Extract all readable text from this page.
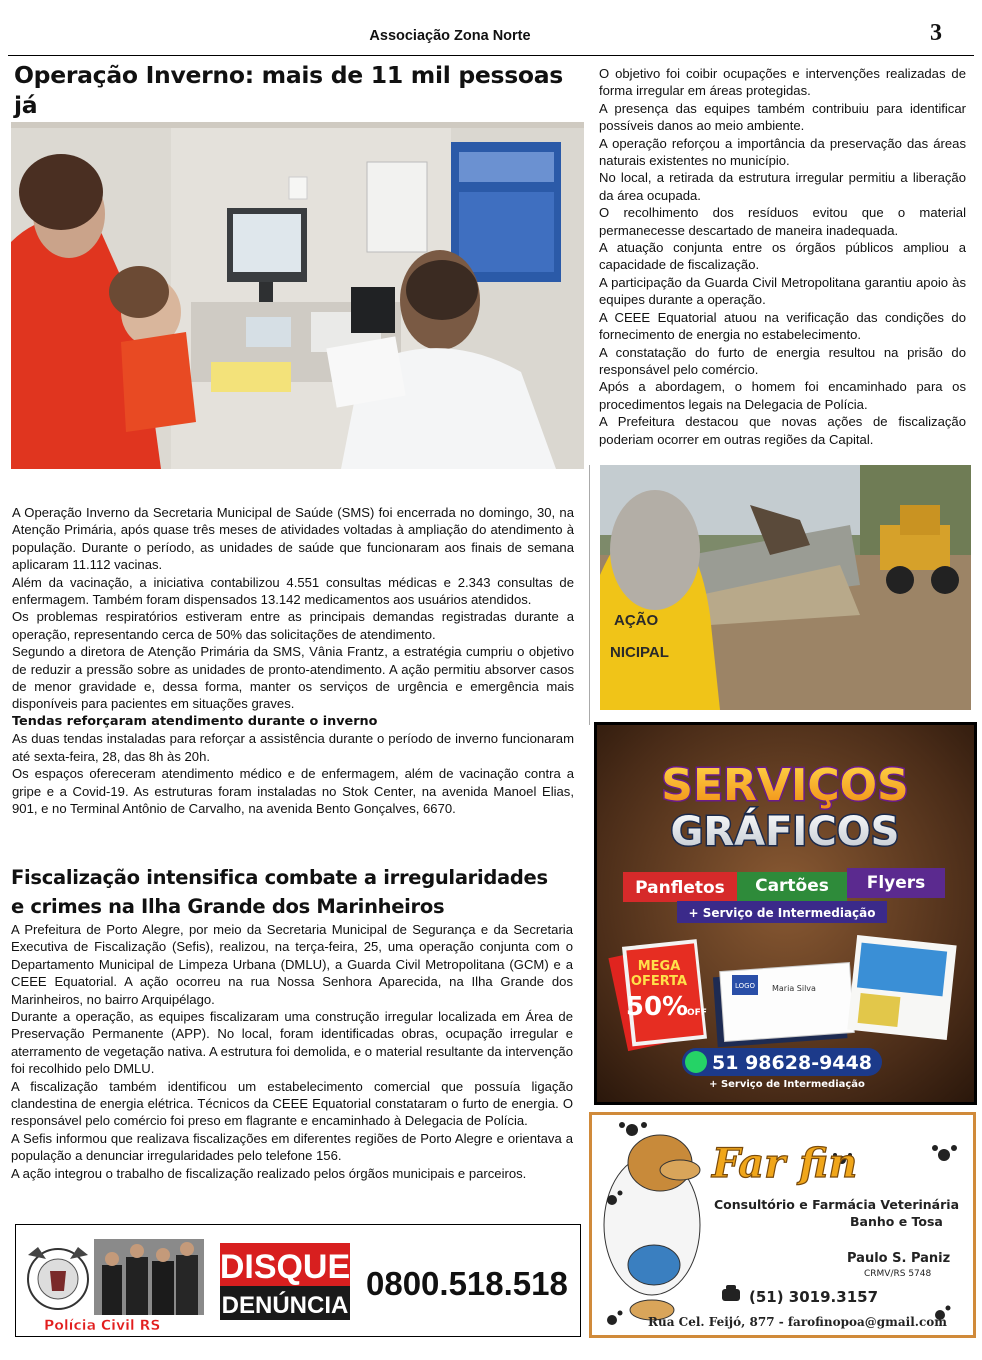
Associação Zona Norte	3
Operação Inverno: mais de 11 mil pessoas já

A Operação Inverno da Secretaria Municipal de Saúde (SMS) foi encerrada no domingo, 30, na Atenção Primária, após quase três meses de atividades voltadas à ampliação do atendimento à população. Durante o período, as unidades de saúde que funcionaram aos finais de semana aplicaram 11.112 vacinas.

Além da vacinação, a iniciativa contabilizou 4.551 consultas médicas e 2.343 consultas de enfermagem. Também foram dispensados 13.142 medicamentos aos usuários atendidos.

Os problemas respiratórios estiveram entre as principais demandas registradas durante a operação, representando cerca de 50% das solicitações de atendimento.

Segundo a diretora de Atenção Primária da SMS, Vânia Frantz, a estratégia cumpriu o objetivo de reduzir a pressão sobre as unidades de pronto-atendimento. A ação permitiu absorver casos de menor gravidade e, dessa forma, manter os serviços de urgência e emergência mais disponíveis para pacientes em situações graves.

Tendas reforçaram atendimento durante o inverno

As duas tendas instaladas para reforçar a assistência durante o período de inverno funcionaram até sexta-feira, 28, das 8h às 20h.

Os espaços ofereceram atendimento médico e de enfermagem, além de vacinação contra a gripe e a Covid-19. As estruturas foram instaladas no Stok Center, na avenida Manoel Elias, 901, e no Terminal Antônio de Carvalho, na avenida Bento Gonçalves, 6670.

Fiscalização intensifica combate a irregularidades
e crimes na Ilha Grande dos Marinheiros

A Prefeitura de Porto Alegre, por meio da Secretaria Municipal de Segurança e da Secretaria Executiva de Fiscalização (Sefis), realizou, na terça-feira, 25, uma operação conjunta com o Departamento Municipal de Limpeza Urbana (DMLU), a Guarda Civil Metropolitana (GCM) e a CEEE Equatorial. A ação ocorreu na rua Nossa Senhora Aparecida, na Ilha Grande dos Marinheiros, no bairro Arquipélago.

Durante a operação, as equipes fiscalizaram uma construção irregular localizada em Área de Preservação Permanente (APP). No local, foram identificadas obras, ocupação irregular e aterramento de vegetação nativa. A estrutura foi demolida, e o material resultante da intervenção foi recolhido pelo DMLU.

A fiscalização também identificou um estabelecimento comercial que possuía ligação clandestina de energia elétrica. Técnicos da CEEE Equatorial constataram o furto de energia. O responsável pelo comércio foi preso em flagrante e encaminhado à Delegacia de Polícia.

A Sefis informou que realizava fiscalizações em diferentes regiões de Porto Alegre e orientava a população a denunciar irregularidades pelo telefone 156.

A ação integrou o trabalho de fiscalização realizado pelos órgãos municipais e parceiros.

O objetivo foi coibir ocupações e intervenções realizadas de forma irregular em áreas protegidas.

A presença das equipes também contribuiu para identificar possíveis danos ao meio ambiente.

A operação reforçou a importância da preservação das áreas naturais existentes no município.

No local, a retirada da estrutura irregular permitiu a liberação da área ocupada.

O recolhimento dos resíduos evitou que o material permanecesse descartado de maneira inadequada.

A atuação conjunta entre os órgãos públicos ampliou a capacidade de fiscalização.

A participação da Guarda Civil Metropolitana garantiu apoio às equipes durante a operação.

A CEEE Equatorial atuou na verificação das condições do fornecimento de energia no estabelecimento.

A constatação do furto de energia resultou na prisão do responsável pelo comércio.

Após a abordagem, o homem foi encaminhado para os procedimentos legais na Delegacia de Polícia.

A Prefeitura destacou que novas ações de fiscalização poderiam ocorrer em outras regiões da Capital.

AÇÃO
NICIPAL
SERVIÇOS
GRÁFICOS
Panfletos Cartões Flyers
+ Serviço de Intermediação
MEGA
OFERTA
50%
OFF
LOGO Maria Silva
51 98628-9448
+ Serviço de Intermediação
Far fin
Consultório e Farmácia Veterinária
Banho e Tosa
Paulo S. Paniz
CRMV/RS 5748
(51) 3019.3157
Rua Cel. Feijó, 877 - farofinopoa@gmail.com
Polícia Civil RS
DISQUE
DENÚNCIA
0800.518.518
